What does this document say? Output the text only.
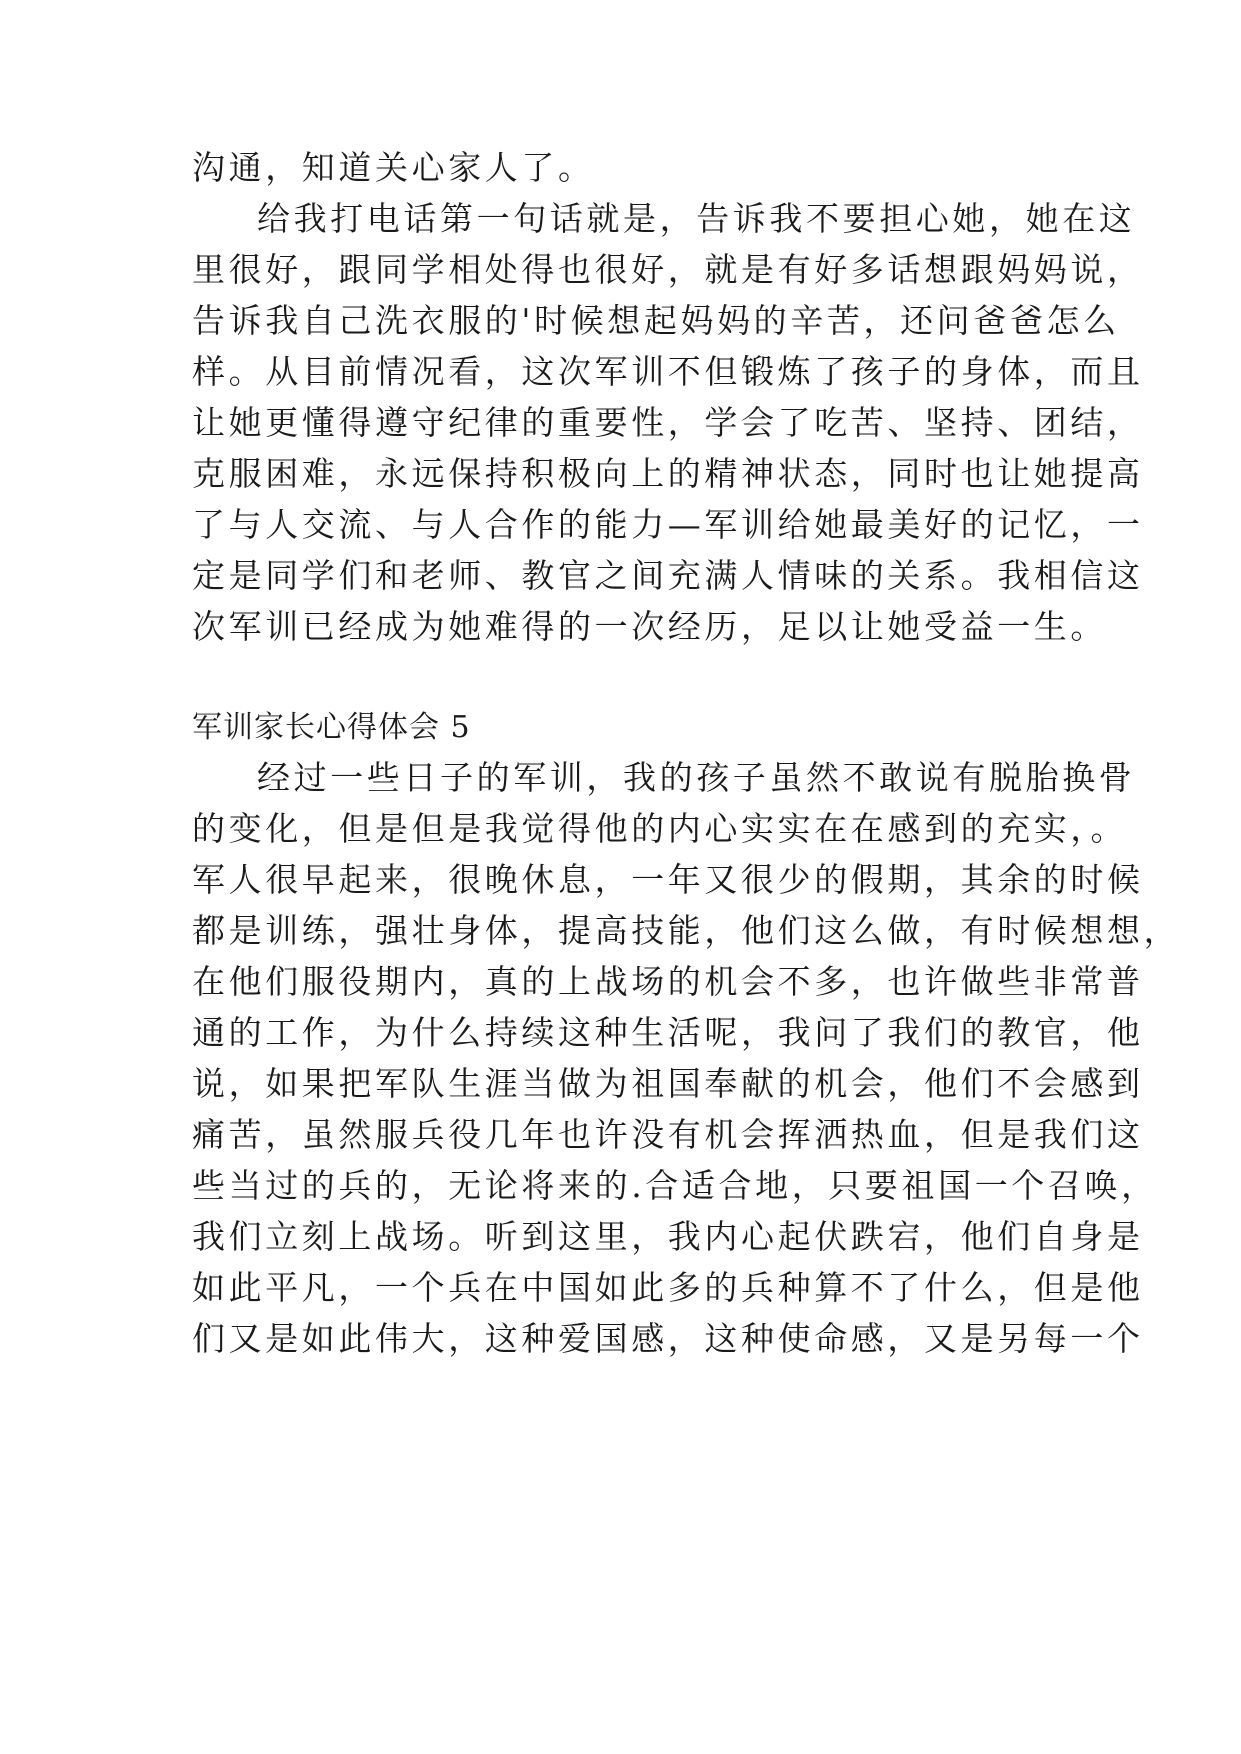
沟通，知道关心家人了。
给我打电话第一句话就是，告诉我不要担心她，她在这
里很好，跟同学相处得也很好，就是有好多话想跟妈妈说，
告诉我自己洗衣服的'时候想起妈妈的辛苦，还问爸爸怎么
样。从目前情况看，这次军训不但锻炼了孩子的身体，而且
让她更懂得遵守纪律的重要性，学会了吃苦、坚持、团结，
克服困难，永远保持积极向上的精神状态，同时也让她提高
了与人交流、与人合作的能力—军训给她最美好的记忆，一
定是同学们和老师、教官之间充满人情味的关系。我相信这
次军训已经成为她难得的一次经历，足以让她受益一生。
军训家长心得体会 5
经过一些日子的军训，我的孩子虽然不敢说有脱胎换骨
的变化，但是但是我觉得他的内心实实在在感到的充实，。
军人很早起来，很晚休息，一年又很少的假期，其余的时候
都是训练，强壮身体，提高技能，他们这么做，有时候想想，
在他们服役期内，真的上战场的机会不多，也许做些非常普
通的工作，为什么持续这种生活呢，我问了我们的教官，他
说，如果把军队生涯当做为祖国奉献的机会，他们不会感到
痛苦，虽然服兵役几年也许没有机会挥洒热血，但是我们这
些当过的兵的，无论将来的.合适合地，只要祖国一个召唤，
我们立刻上战场。听到这里，我内心起伏跌宕，他们自身是
如此平凡，一个兵在中国如此多的兵种算不了什么，但是他
们又是如此伟大，这种爱国感，这种使命感，又是另每一个
